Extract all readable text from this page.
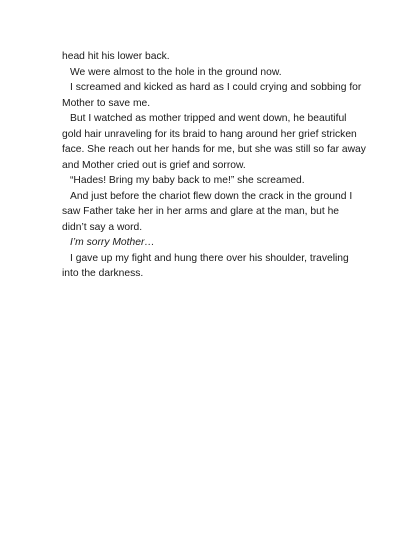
head hit his lower back.
We were almost to the hole in the ground now.
I screamed and kicked as hard as I could crying and sobbing for
Mother to save me.
But I watched as mother tripped and went down, he beautiful
gold hair unraveling for its braid to hang around her grief stricken
face. She reach out her hands for me, but she was still so far away
and Mother cried out is grief and sorrow.
“Hades! Bring my baby back to me!” she screamed.
And just before the chariot flew down the crack in the ground I
saw Father take her in her arms and glare at the man, but he
didn’t say a word.
I’m sorry Mother…
I gave up my fight and hung there over his shoulder, traveling
into the darkness.
